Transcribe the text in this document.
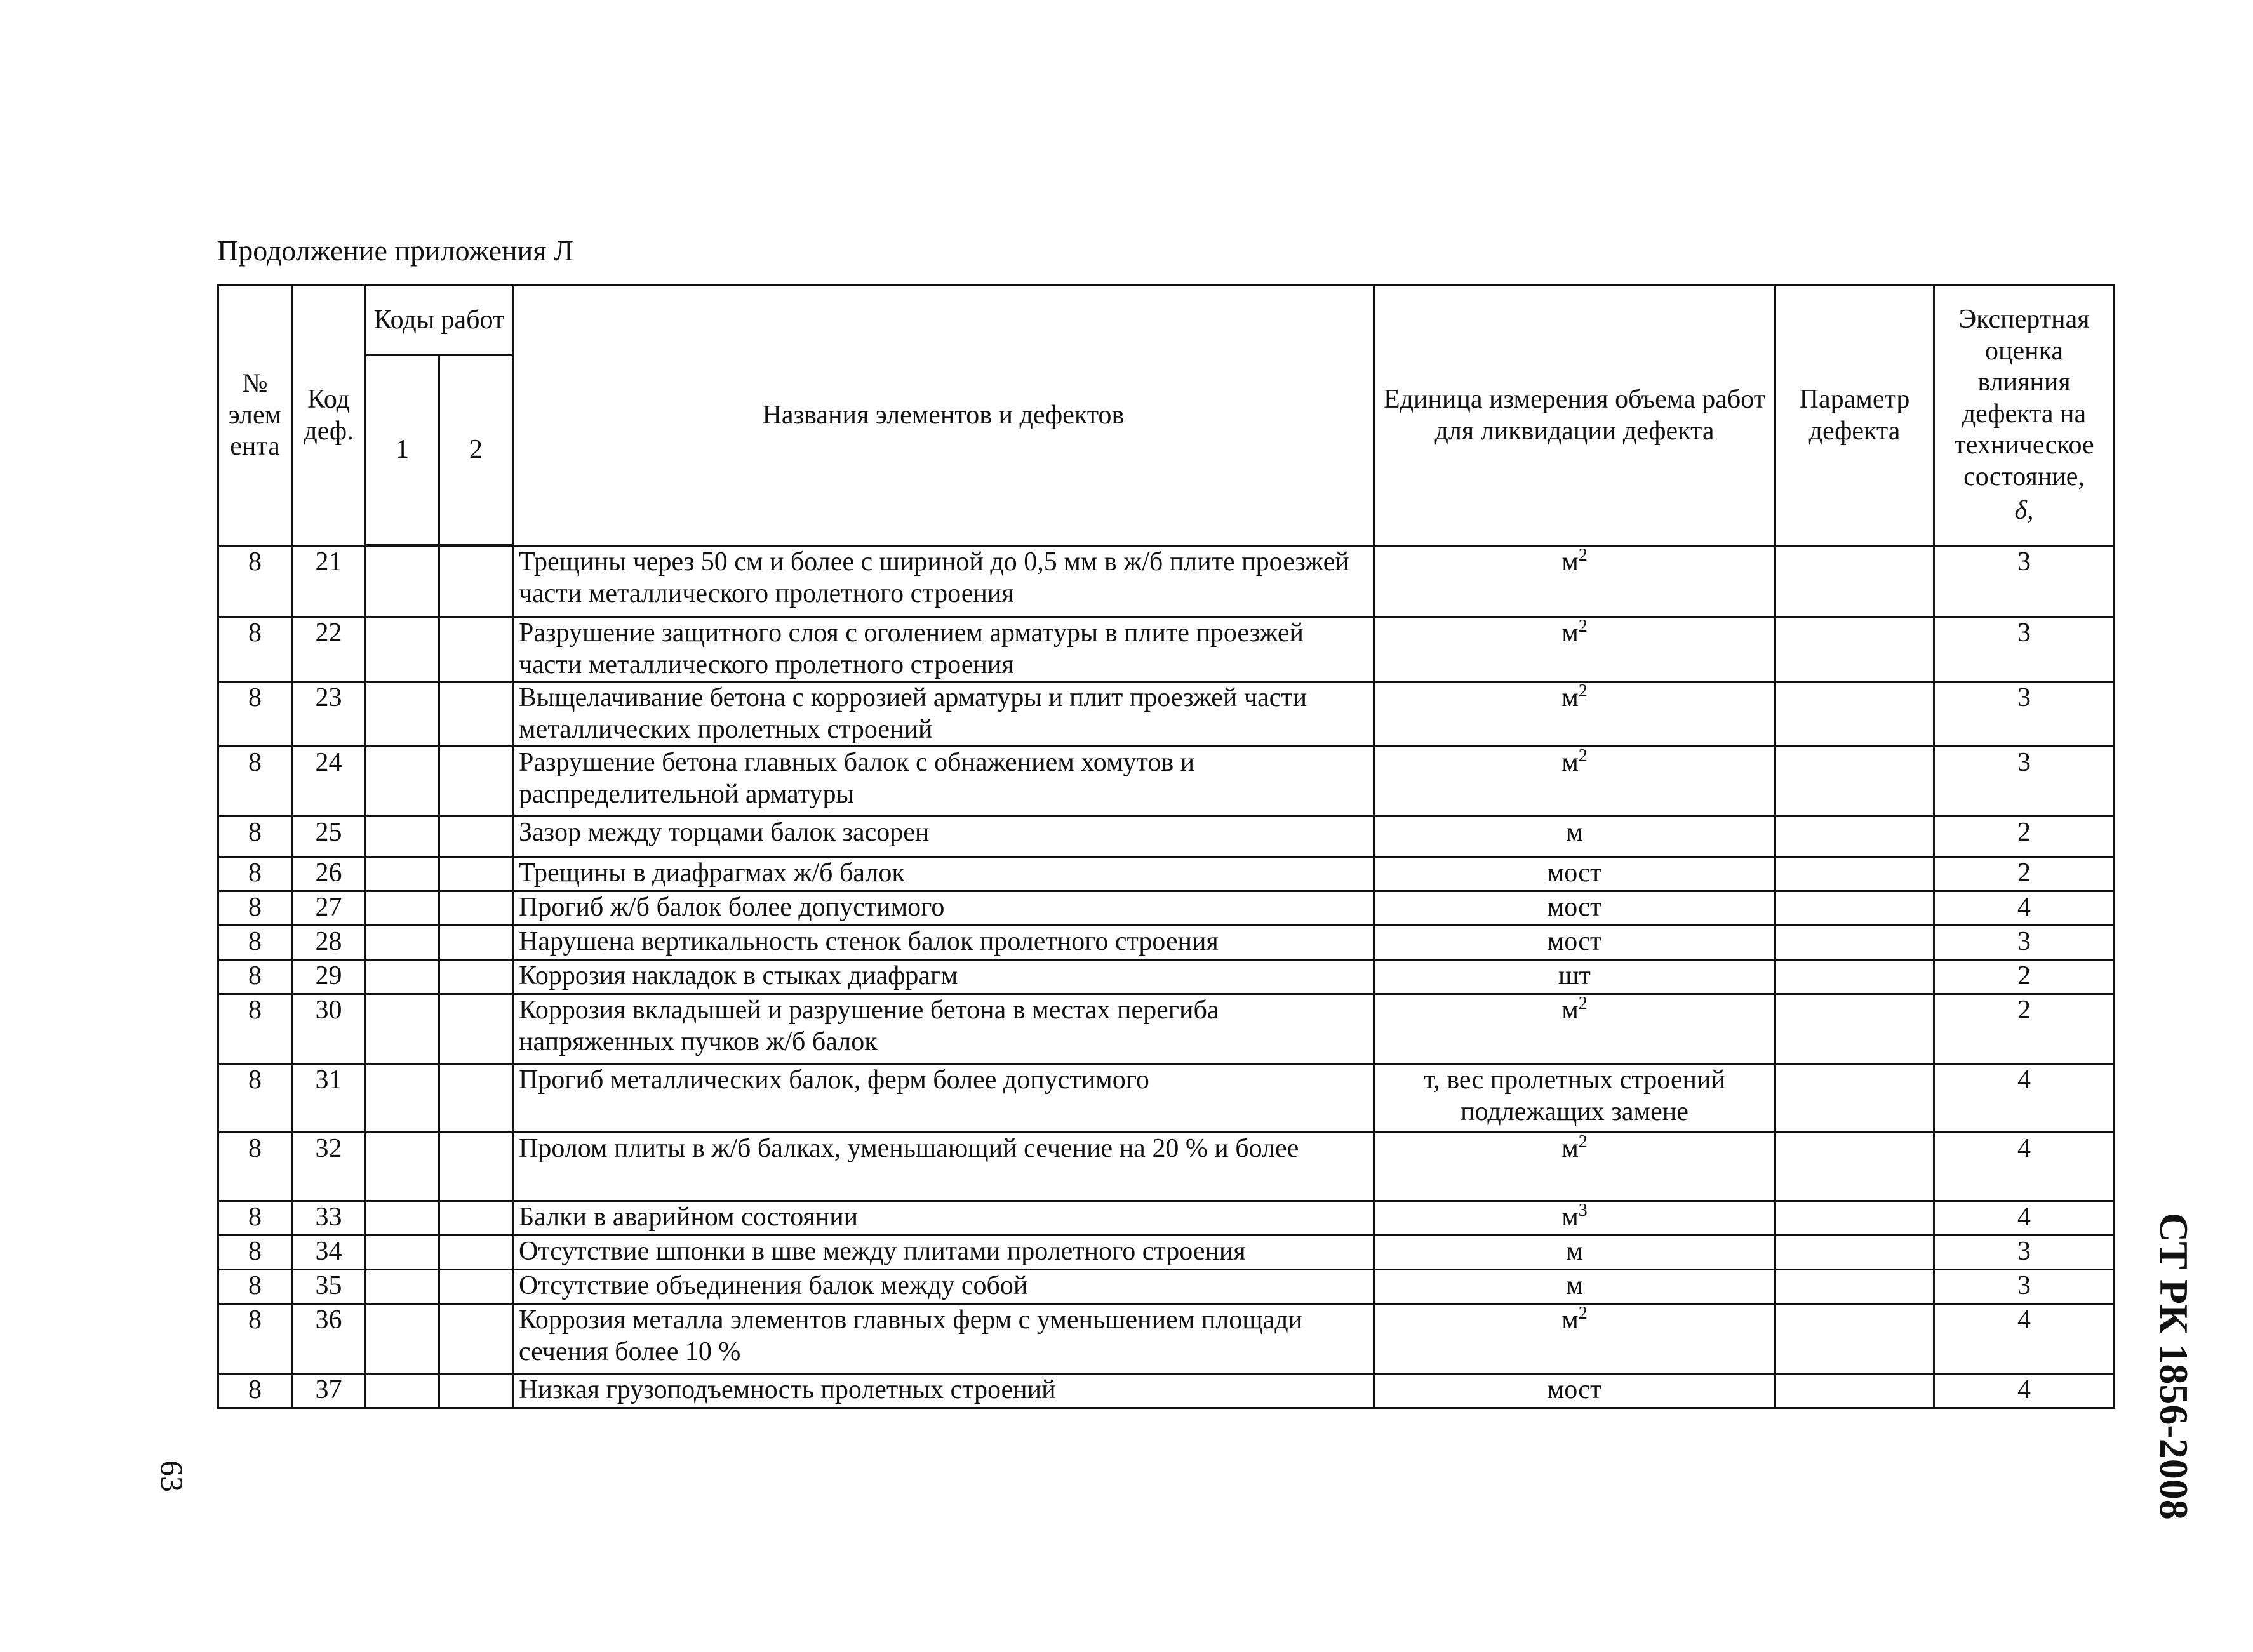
Продолжение приложения Л
№ элем ента	Код деф.	Коды работ		Названия элементов и дефектов	Единица измерения объема работ для ликвидации дефекта	Параметр дефекта	Экспертная оценка влияния дефекта на техническое состояние,
δ,

		1	2				
8	21			Трещины через 50 см и более с шириной до 0,5 мм в ж/б плите проезжей части металлического пролетного строения	$м^2$		3
8	22			Разрушение защитного слоя с оголением арматуры в плите проезжей части металлического пролетного строения	$м^2$		3
8	23			Выщелачивание бетона с коррозией арматуры и плит проезжей части металлических пролетных строений	$м^2$		3
8	24			Разрушение бетона главных балок с обнажением хомутов и распределительной арматуры	$м^2$		3
8	25			Зазор между торцами балок засорен	м		2
8	26			Трещины в диафрагмах ж/б балок	мост		2
8	27			Прогиб ж/б балок более допустимого	мост		4
8	28			Нарушена вертикальность стенок балок пролетного строения	мост		3
8	29			Коррозия накладок в стыках диафрагм	шт		2
8	30			Коррозия вкладышей и разрушение бетона в местах перегиба напряженных пучков ж/б балок	$м^2$		2
8	31			Прогиб металлических балок, ферм более допустимого	т, вес пролетных строений подлежащих замене		4
8	32			Пролом плиты в ж/б балках, уменьшающий сечение на 20 % и более	$м^2$		4
8	33			Балки в аварийном состоянии	$м^3$		4
8	34			Отсутствие шпонки в шве между плитами пролетного строения	м		3
8	35			Отсутствие объединения балок между собой	м		3
8	36			Коррозия металла элементов главных ферм с уменьшением площади сечения более 10 %	$м^2$		4
8	37			Низкая грузоподъемность пролетных строений	мост		4
63	СТ РК 1856-2008
